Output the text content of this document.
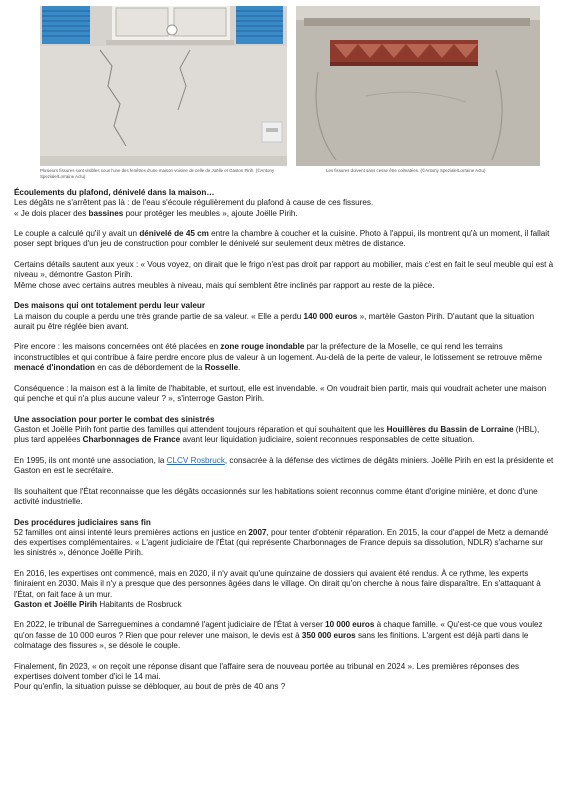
Plusieurs fissures sont visibles sous l'une des fenêtres d'une maison voisine de celle de Joëlle et Gaston Pirih. (©Antony Speziale/Lorraine Actu)
Les fissures doivent sans cesse être colmatées. (©Antony Speziale/Lorraine Actu)
Écoulements du plafond, dénivelé dans la maison…

Les dégâts ne s'arrêtent pas là : de l'eau s'écoule régulièrement du plafond à cause de ces fissures.

« Je dois placer des bassines pour protéger les meubles », ajoute Joëlle Pirih.

Le couple a calculé qu'il y avait un dénivelé de 45 cm entre la chambre à coucher et la cuisine. Photo à l'appui, ils montrent qu'à un moment, il fallait poser sept briques d'un jeu de construction pour combler le dénivelé sur seulement deux mètres de distance.

Certains détails sautent aux yeux : « Vous voyez, on dirait que le frigo n'est pas droit par rapport au mobilier, mais c'est en fait le seul meuble qui est à niveau », démontre Gaston Pirih.

Même chose avec certains autres meubles à niveau, mais qui semblent être inclinés par rapport au reste de la pièce.

Des maisons qui ont totalement perdu leur valeur

La maison du couple a perdu une très grande partie de sa valeur. « Elle a perdu 140 000 euros », martèle Gaston Pirih. D'autant que la situation aurait pu être réglée bien avant.

Pire encore : les maisons concernées ont été placées en zone rouge inondable par la préfecture de la Moselle, ce qui rend les terrains inconstructibles et qui contribue à faire perdre encore plus de valeur à un logement. Au-delà de la perte de valeur, le lotissement se retrouve même menacé d'inondation en cas de débordement de la Rosselle.

Conséquence : la maison est à la limite de l'habitable, et surtout, elle est invendable. « On voudrait bien partir, mais qui voudrait acheter une maison qui penche et qui n'a plus aucune valeur ? », s'interroge Gaston Pirih.

Une association pour porter le combat des sinistrés

Gaston et Joëlle Pirih font partie des familles qui attendent toujours réparation et qui souhaitent que les Houillères du Bassin de Lorraine (HBL), plus tard appelées Charbonnages de France avant leur liquidation judiciaire, soient reconnues responsables de cette situation.

En 1995, ils ont monté une association, la CLCV Rosbruck, consacrée à la défense des victimes de dégâts miniers. Joëlle Pirih en est la présidente et Gaston en est le secrétaire.

Ils souhaitent que l'État reconnaisse que les dégâts occasionnés sur les habitations soient reconnus comme étant d'origine minière, et donc d'une activité industrielle.

Des procédures judiciaires sans fin

52 familles ont ainsi intenté leurs premières actions en justice en 2007, pour tenter d'obtenir réparation. En 2015, la cour d'appel de Metz a demandé des expertises complémentaires. « L'agent judiciaire de l'État (qui représente Charbonnages de France depuis sa dissolution, NDLR) s'acharne sur les sinistrés », dénonce Joëlle Pirih.

En 2016, les expertises ont commencé, mais en 2020, il n'y avait qu'une quinzaine de dossiers qui avaient été rendus. À ce rythme, les experts finiraient en 2030. Mais il n'y a presque que des personnes âgées dans le village. On dirait qu'on cherche à nous faire disparaître. En s'attaquant à l'État, on fait face à un mur.

Gaston et Joëlle Pirih Habitants de Rosbruck

En 2022, le tribunal de Sarreguemines a condamné l'agent judiciaire de l'État à verser 10 000 euros à chaque famille. « Qu'est-ce que vous voulez qu'on fasse de 10 000 euros ? Rien que pour relever une maison, le devis est à 350 000 euros sans les finitions. L'argent est déjà parti dans le colmatage des fissures », se désole le couple.

Finalement, fin 2023, « on reçoit une réponse disant que l'affaire sera de nouveau portée au tribunal en 2024 ». Les premières réponses des expertises doivent tomber d'ici le 14 mai.

Pour qu'enfin, la situation puisse se débloquer, au bout de près de 40 ans ?
